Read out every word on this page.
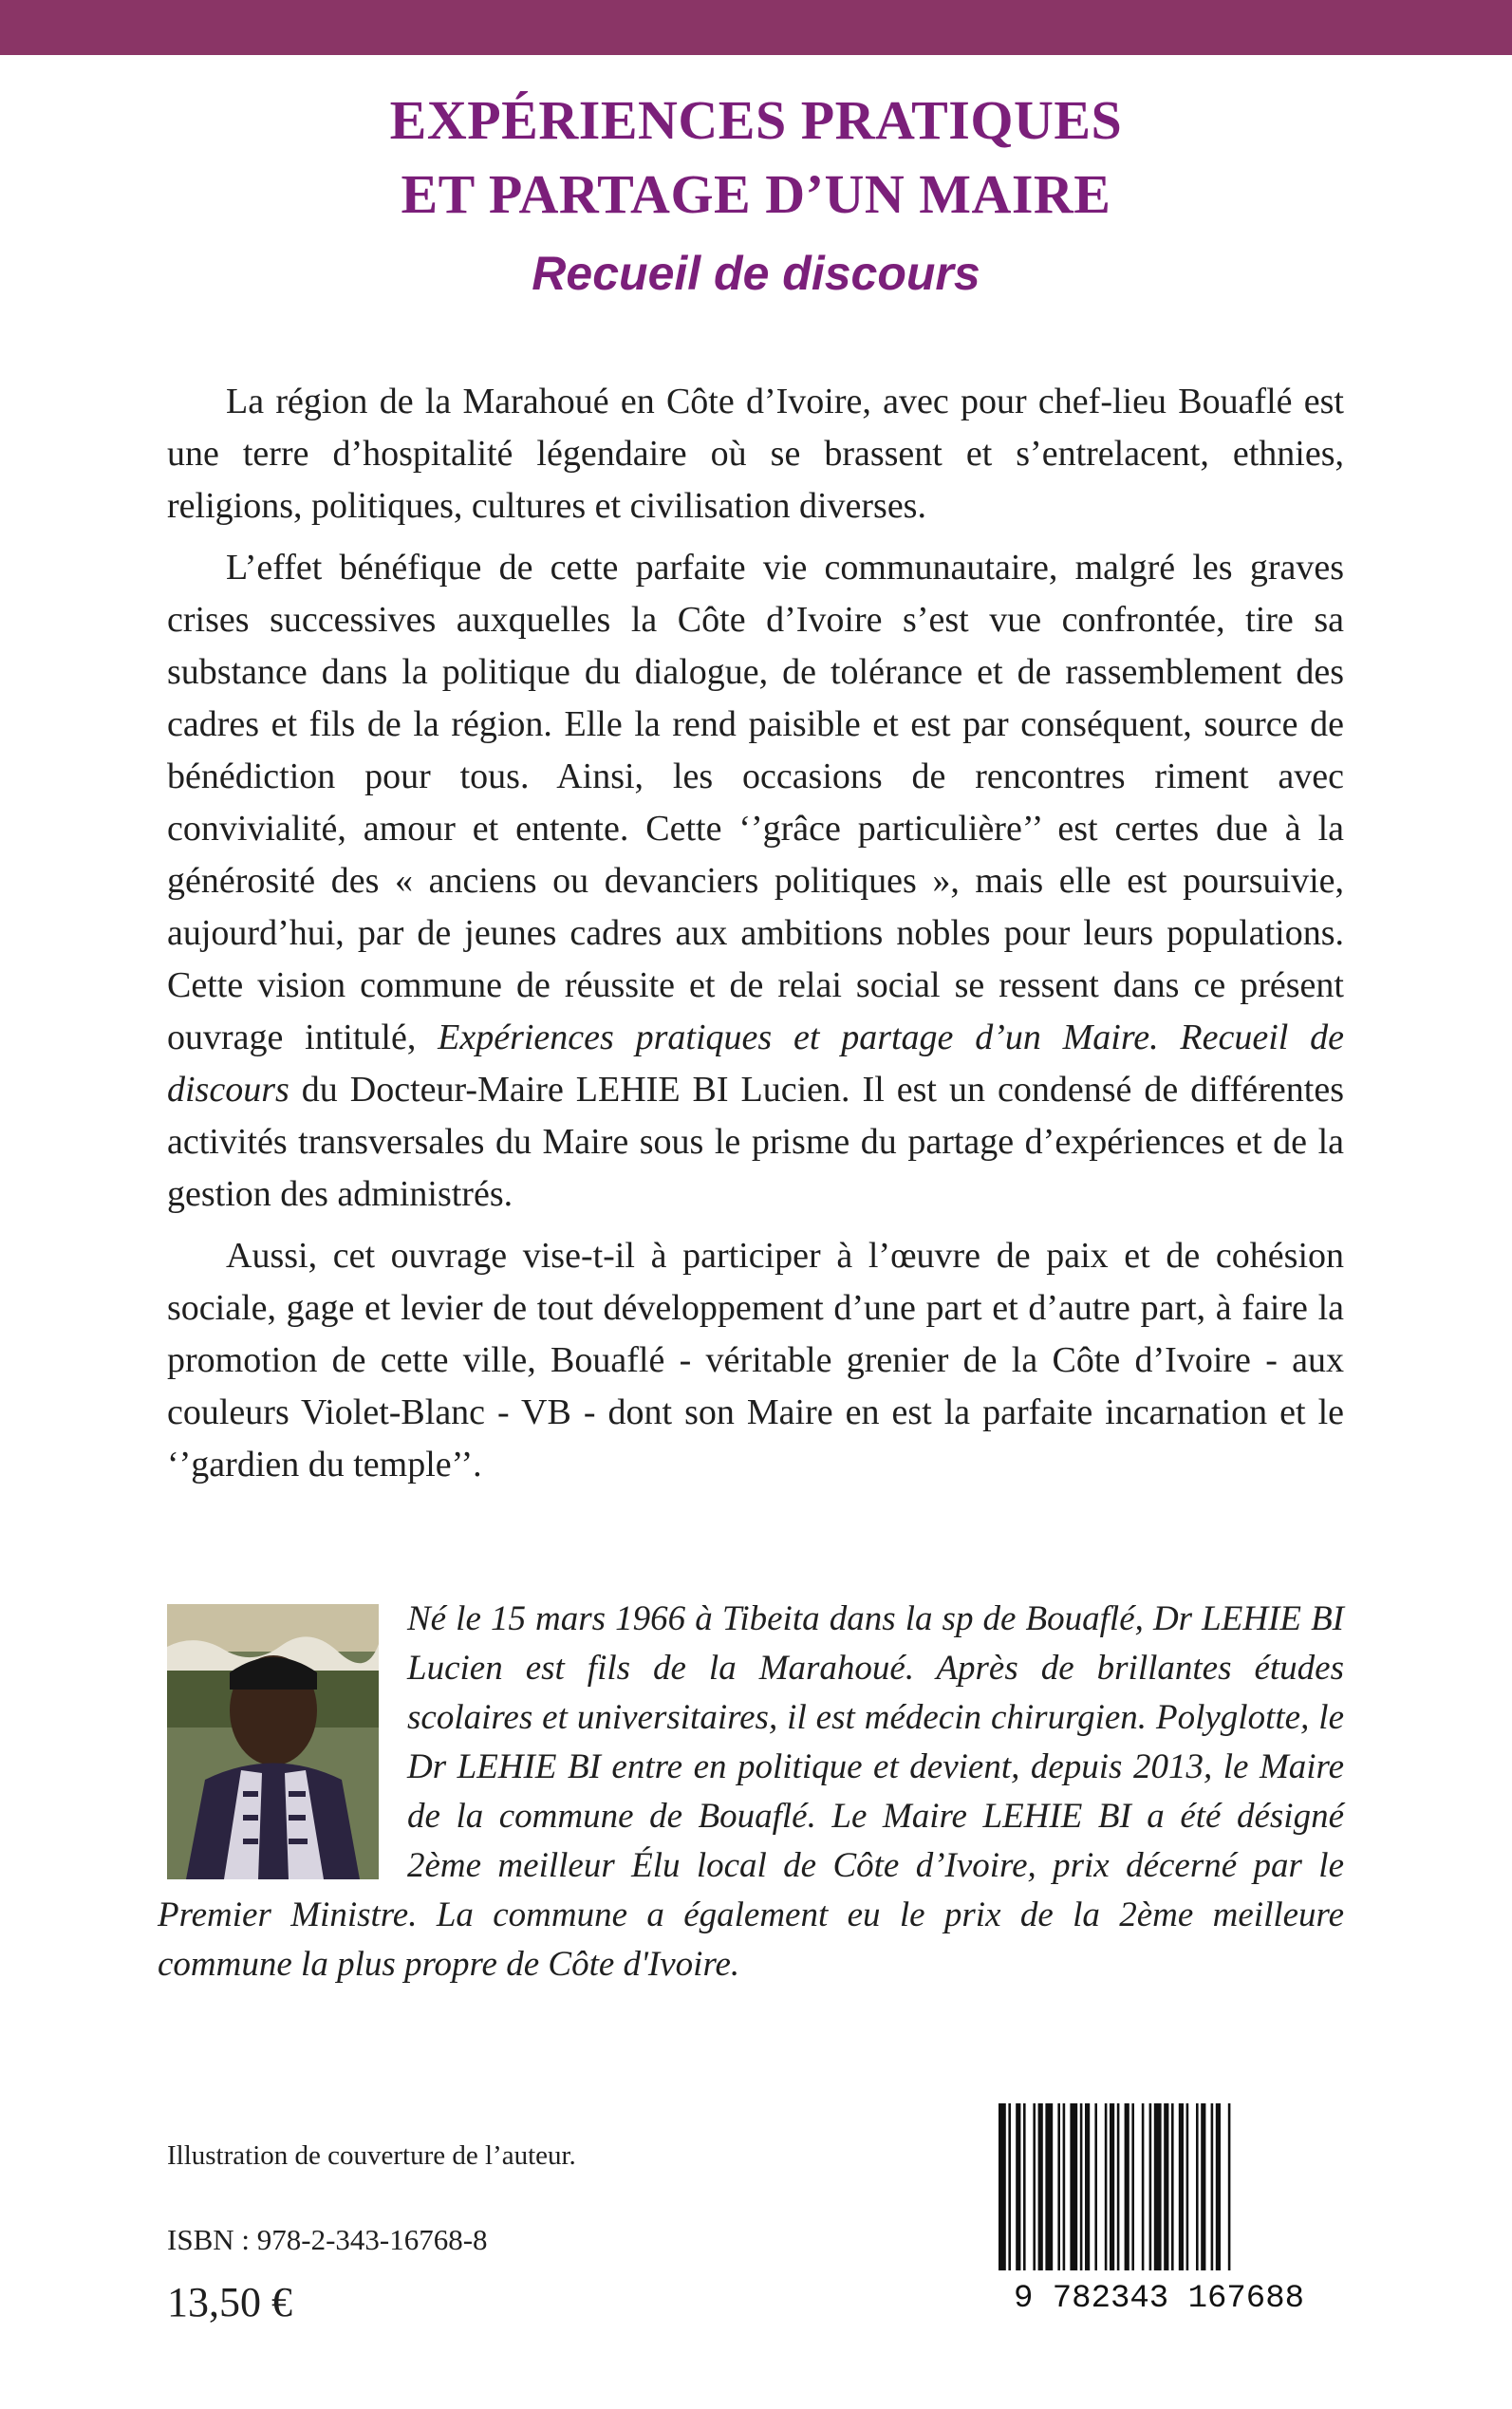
EXPÉRIENCES PRATIQUES
ET PARTAGE D’UN MAIRE
Recueil de discours

La région de la Marahoué en Côte d’Ivoire, avec pour chef-lieu Bouaflé est une terre d’hospitalité légendaire où se brassent et s’entrelacent, ethnies, religions, politiques, cultures et civilisation diverses.

L’effet bénéfique de cette parfaite vie communautaire, malgré les graves crises successives auxquelles la Côte d’Ivoire s’est vue confrontée, tire sa substance dans la politique du dialogue, de tolérance et de rassemblement des cadres et fils de la région. Elle la rend paisible et est par conséquent, source de bénédiction pour tous. Ainsi, les occasions de rencontres riment avec convivialité, amour et entente. Cette ‘’grâce particulière’’ est certes due à la générosité des « anciens ou devanciers politiques », mais elle est poursuivie, aujourd’hui, par de jeunes cadres aux ambitions nobles pour leurs populations. Cette vision commune de réussite et de relai social se ressent dans ce présent ouvrage intitulé, Expériences pratiques et partage d’un Maire. Recueil de discours du Docteur-Maire LEHIE BI Lucien. Il est un condensé de différentes activités transversales du Maire sous le prisme du partage d’expériences et de la gestion des administrés.

Aussi, cet ouvrage vise-t-il à participer à l’œuvre de paix et de cohésion sociale, gage et levier de tout développement d’une part et d’autre part, à faire la promotion de cette ville, Bouaflé - véritable grenier de la Côte d’Ivoire - aux couleurs Violet-Blanc - VB - dont son Maire en est la parfaite incarnation et le ‘’gardien du temple’’.

Né le 15 mars 1966 à Tibeita dans la sp de Bouaflé, Dr LEHIE BI Lucien est fils de la Marahoué. Après de brillantes études scolaires et universitaires, il est médecin chirurgien. Polyglotte, le Dr LEHIE BI entre en politique et devient, depuis 2013, le Maire de la commune de Bouaflé. Le Maire LEHIE BI a été désigné 2ème meilleur Élu local de Côte d’Ivoire, prix décerné par le Premier Ministre. La commune a également eu le prix de la 2ème meilleure commune la plus propre de Côte d'Ivoire.
Illustration de couverture de l’auteur.
ISBN : 978-2-343-16768-8
13,50 €	9 782343 167688
